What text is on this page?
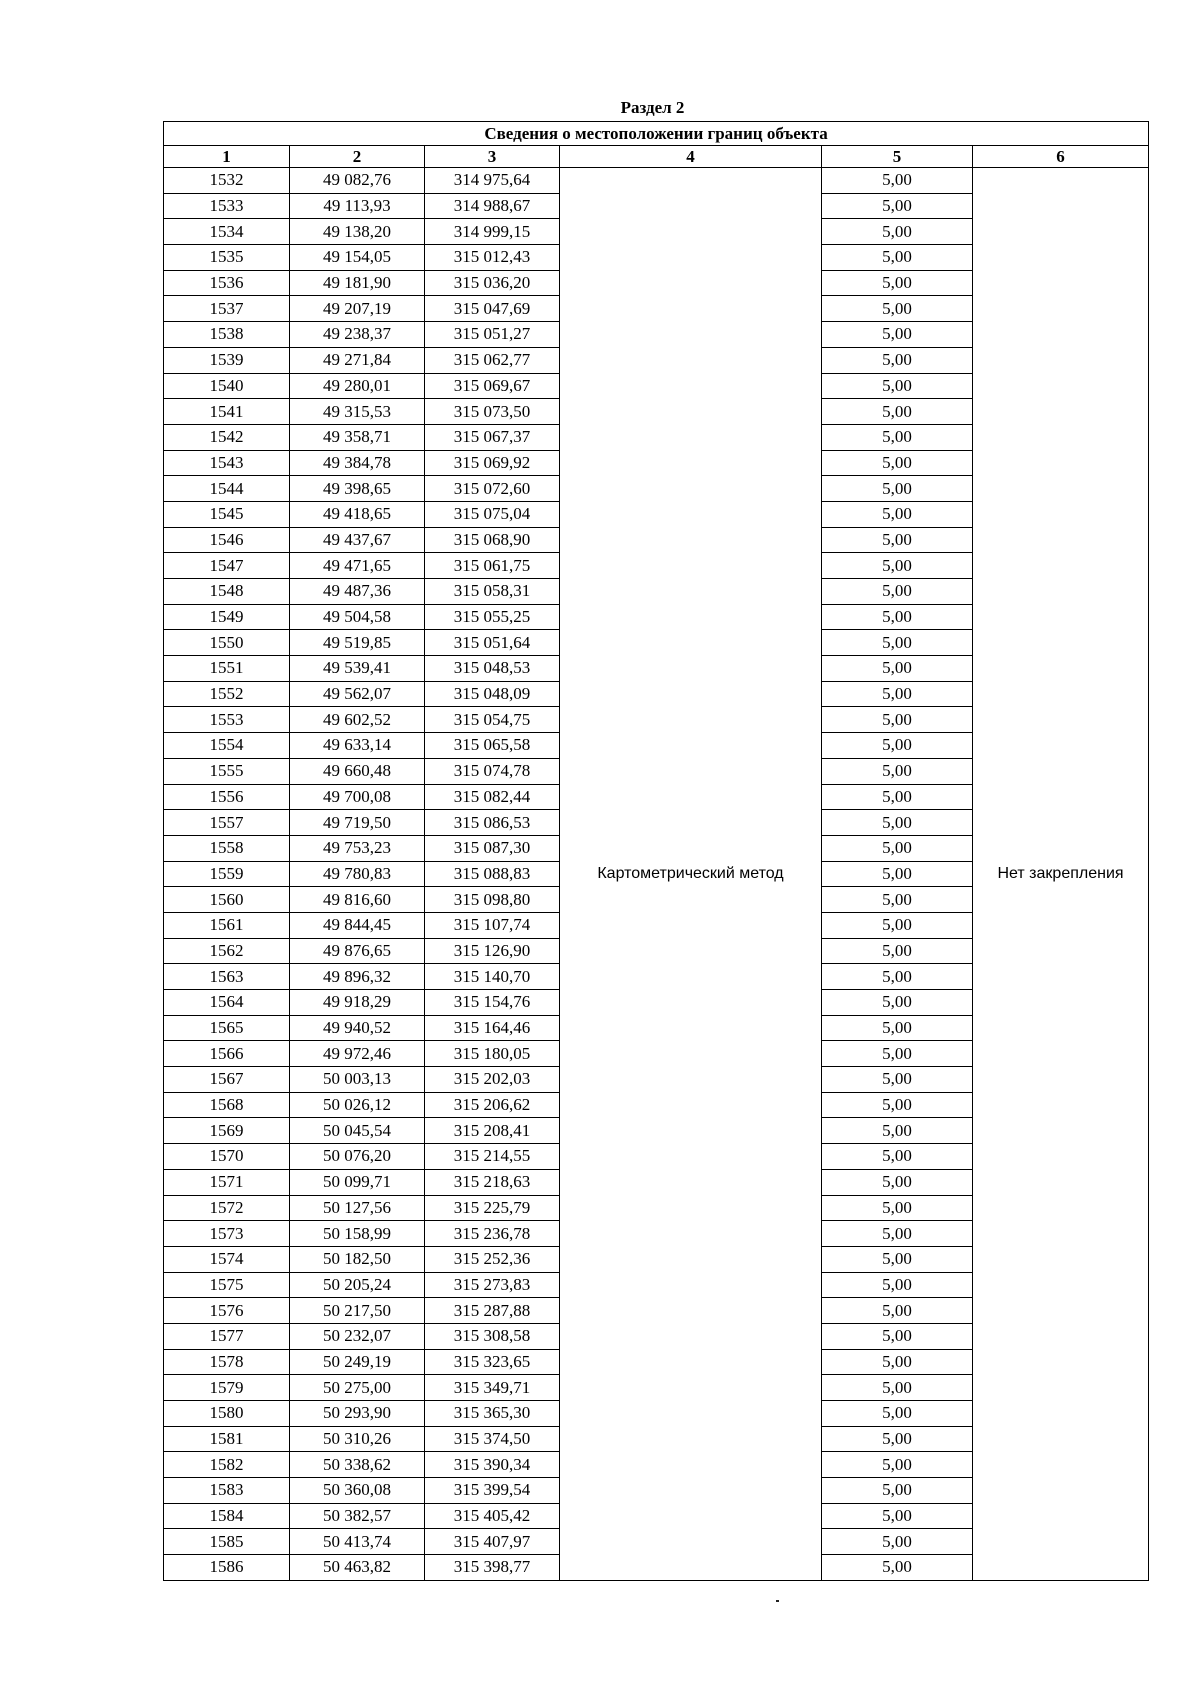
Раздел 2
Сведения о местоположении границ объекта					
1	2	3	4	5	6
1532	49 082,76	314 975,64	Картометрический метод	5,00	Нет закрепления
1533	49 113,93	314 988,67		5,00	
1534	49 138,20	314 999,15		5,00	
1535	49 154,05	315 012,43		5,00	
1536	49 181,90	315 036,20		5,00	
1537	49 207,19	315 047,69		5,00	
1538	49 238,37	315 051,27		5,00	
1539	49 271,84	315 062,77		5,00	
1540	49 280,01	315 069,67		5,00	
1541	49 315,53	315 073,50		5,00	
1542	49 358,71	315 067,37		5,00	
1543	49 384,78	315 069,92		5,00	
1544	49 398,65	315 072,60		5,00	
1545	49 418,65	315 075,04		5,00	
1546	49 437,67	315 068,90		5,00	
1547	49 471,65	315 061,75		5,00	
1548	49 487,36	315 058,31		5,00	
1549	49 504,58	315 055,25		5,00	
1550	49 519,85	315 051,64		5,00	
1551	49 539,41	315 048,53		5,00	
1552	49 562,07	315 048,09		5,00	
1553	49 602,52	315 054,75		5,00	
1554	49 633,14	315 065,58		5,00	
1555	49 660,48	315 074,78		5,00	
1556	49 700,08	315 082,44		5,00	
1557	49 719,50	315 086,53		5,00	
1558	49 753,23	315 087,30		5,00	
1559	49 780,83	315 088,83		5,00	
1560	49 816,60	315 098,80		5,00	
1561	49 844,45	315 107,74		5,00	
1562	49 876,65	315 126,90		5,00	
1563	49 896,32	315 140,70		5,00	
1564	49 918,29	315 154,76		5,00	
1565	49 940,52	315 164,46		5,00	
1566	49 972,46	315 180,05		5,00	
1567	50 003,13	315 202,03		5,00	
1568	50 026,12	315 206,62		5,00	
1569	50 045,54	315 208,41		5,00	
1570	50 076,20	315 214,55		5,00	
1571	50 099,71	315 218,63		5,00	
1572	50 127,56	315 225,79		5,00	
1573	50 158,99	315 236,78		5,00	
1574	50 182,50	315 252,36		5,00	
1575	50 205,24	315 273,83		5,00	
1576	50 217,50	315 287,88		5,00	
1577	50 232,07	315 308,58		5,00	
1578	50 249,19	315 323,65		5,00	
1579	50 275,00	315 349,71		5,00	
1580	50 293,90	315 365,30		5,00	
1581	50 310,26	315 374,50		5,00	
1582	50 338,62	315 390,34		5,00	
1583	50 360,08	315 399,54		5,00	
1584	50 382,57	315 405,42		5,00	
1585	50 413,74	315 407,97		5,00	
1586	50 463,82	315 398,77		5,00	
